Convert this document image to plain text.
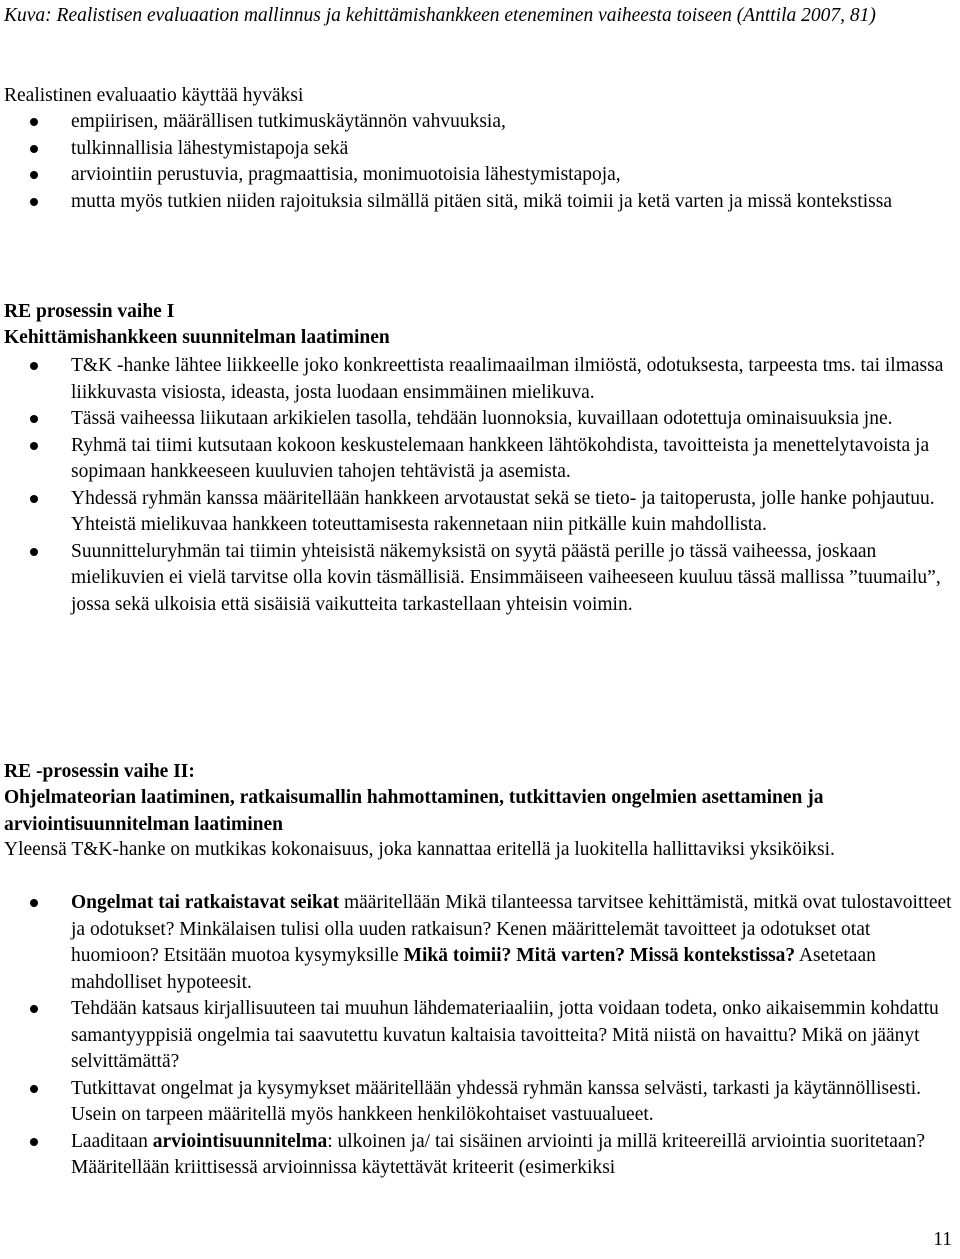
Kuva: Realistisen evaluaation mallinnus ja kehittämishankkeen eteneminen vaiheesta toiseen (Anttila 2007, 81)
Realistinen evaluaatio käyttää hyväksi
empiirisen, määrällisen tutkimuskäytännön vahvuuksia,
tulkinnallisia lähestymistapoja sekä
arviointiin perustuvia, pragmaattisia, monimuotoisia lähestymistapoja,
mutta myös tutkien niiden rajoituksia silmällä pitäen sitä, mikä toimii ja ketä varten ja missä kontekstissa
RE prosessin vaihe I
Kehittämishankkeen suunnitelman laatiminen
T&K -hanke lähtee liikkeelle joko konkreettista reaalimaailman ilmiöstä, odotuksesta, tarpeesta tms. tai ilmassa liikkuvasta visiosta, ideasta, josta luodaan ensimmäinen mielikuva.
Tässä vaiheessa liikutaan arkikielen tasolla, tehdään luonnoksia, kuvaillaan odotettuja ominaisuuksia jne.
Ryhmä tai tiimi kutsutaan kokoon keskustelemaan hankkeen lähtökohdista, tavoitteista ja menettelytavoista ja sopimaan hankkeeseen kuuluvien tahojen tehtävistä ja asemista.
Yhdessä ryhmän kanssa määritellään hankkeen arvotaustat sekä se tieto- ja taitoperusta, jolle hanke pohjautuu. Yhteistä mielikuvaa hankkeen toteuttamisesta rakennetaan niin pitkälle kuin mahdollista.
Suunnitteluryhmän tai tiimin yhteisistä näkemyksistä on syytä päästä perille jo tässä vaiheessa, joskaan mielikuvien ei vielä tarvitse olla kovin täsmällisiä. Ensimmäiseen vaiheeseen kuuluu tässä mallissa ”tuumailu”, jossa sekä ulkoisia että sisäisiä vaikutteita tarkastellaan yhteisin voimin.
RE -prosessin vaihe II:
Ohjelmateorian laatiminen, ratkaisumallin hahmottaminen, tutkittavien ongelmien asettaminen ja arviointisuunnitelman laatiminen
Yleensä T&K-hanke on mutkikas kokonaisuus, joka kannattaa eritellä ja luokitella hallittaviksi yksiköiksi.
Ongelmat tai ratkaistavat seikat määritellään Mikä tilanteessa tarvitsee kehittämistä, mitkä ovat tulostavoitteet ja odotukset? Minkälaisen tulisi olla uuden ratkaisun? Kenen määrittelemät tavoitteet ja odotukset otat huomioon? Etsitään muotoa kysymyksille Mikä toimii? Mitä varten? Missä kontekstissa? Asetetaan mahdolliset hypoteesit.
Tehdään katsaus kirjallisuuteen tai muuhun lähdemateriaaliin, jotta voidaan todeta, onko aikaisemmin kohdattu samantyyppisiä ongelmia tai saavutettu kuvatun kaltaisia tavoitteita? Mitä niistä on havaittu? Mikä on jäänyt selvittämättä?
Tutkittavat ongelmat ja kysymykset määritellään yhdessä ryhmän kanssa selvästi, tarkasti ja käytännöllisesti. Usein on tarpeen määritellä myös hankkeen henkilökohtaiset vastuualueet.
Laaditaan arviointisuunnitelma: ulkoinen ja/ tai sisäinen arviointi ja millä kriteereillä arviointia suoritetaan? Määritellään kriittisessä arvioinnissa käytettävät kriteerit (esimerkiksi
11
